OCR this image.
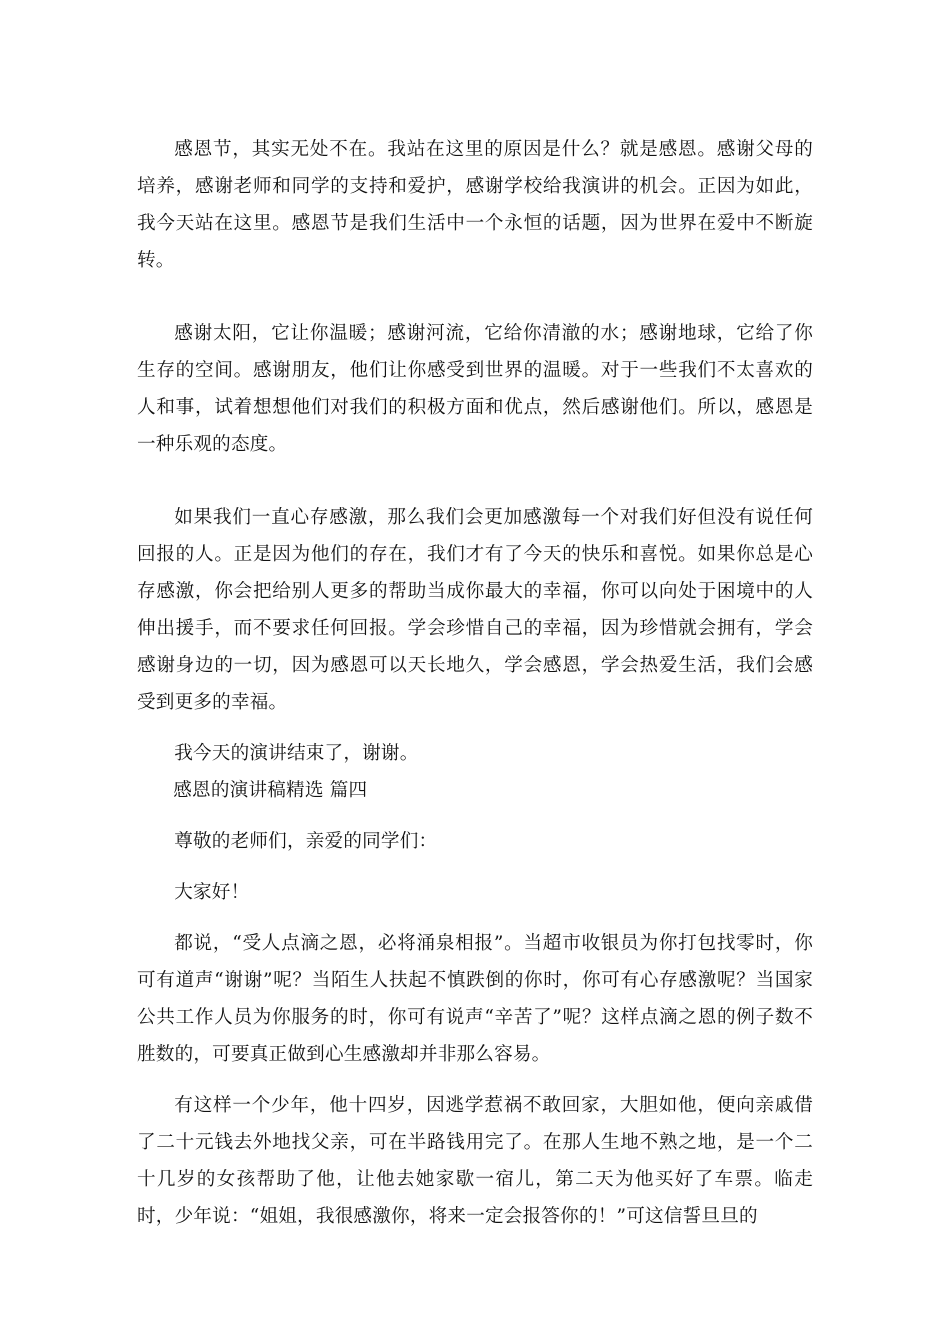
感恩节，其实无处不在。我站在这里的原因是什么？就是感恩。感谢父母的培养，感谢老师和同学的支持和爱护，感谢学校给我演讲的机会。正因为如此，我今天站在这里。感恩节是我们生活中一个永恒的话题，因为世界在爱中不断旋转。

感谢太阳，它让你温暖；感谢河流，它给你清澈的水；感谢地球，它给了你生存的空间。感谢朋友，他们让你感受到世界的温暖。对于一些我们不太喜欢的人和事，试着想想他们对我们的积极方面和优点，然后感谢他们。所以，感恩是一种乐观的态度。

如果我们一直心存感激，那么我们会更加感激每一个对我们好但没有说任何回报的人。正是因为他们的存在，我们才有了今天的快乐和喜悦。如果你总是心存感激，你会把给别人更多的帮助当成你最大的幸福，你可以向处于困境中的人伸出援手，而不要求任何回报。学会珍惜自己的幸福，因为珍惜就会拥有，学会感谢身边的一切，因为感恩可以天长地久，学会感恩，学会热爱生活，我们会感受到更多的幸福。

我今天的演讲结束了，谢谢。

感恩的演讲稿精选 篇四

尊敬的老师们，亲爱的同学们：

大家好！

都说，“受人点滴之恩，必将涌泉相报”。当超市收银员为你打包找零时，你可有道声“谢谢”呢？当陌生人扶起不慎跌倒的你时，你可有心存感激呢？当国家公共工作人员为你服务的时，你可有说声“辛苦了”呢？这样点滴之恩的例子数不胜数的，可要真正做到心生感激却并非那么容易。

有这样一个少年，他十四岁，因逃学惹祸不敢回家，大胆如他，便向亲戚借了二十元钱去外地找父亲，可在半路钱用完了。在那人生地不熟之地，是一个二十几岁的女孩帮助了他，让他去她家歇一宿儿，第二天为他买好了车票。临走时，少年说：“姐姐，我很感激你，将来一定会报答你的！”可这信誓旦旦的
